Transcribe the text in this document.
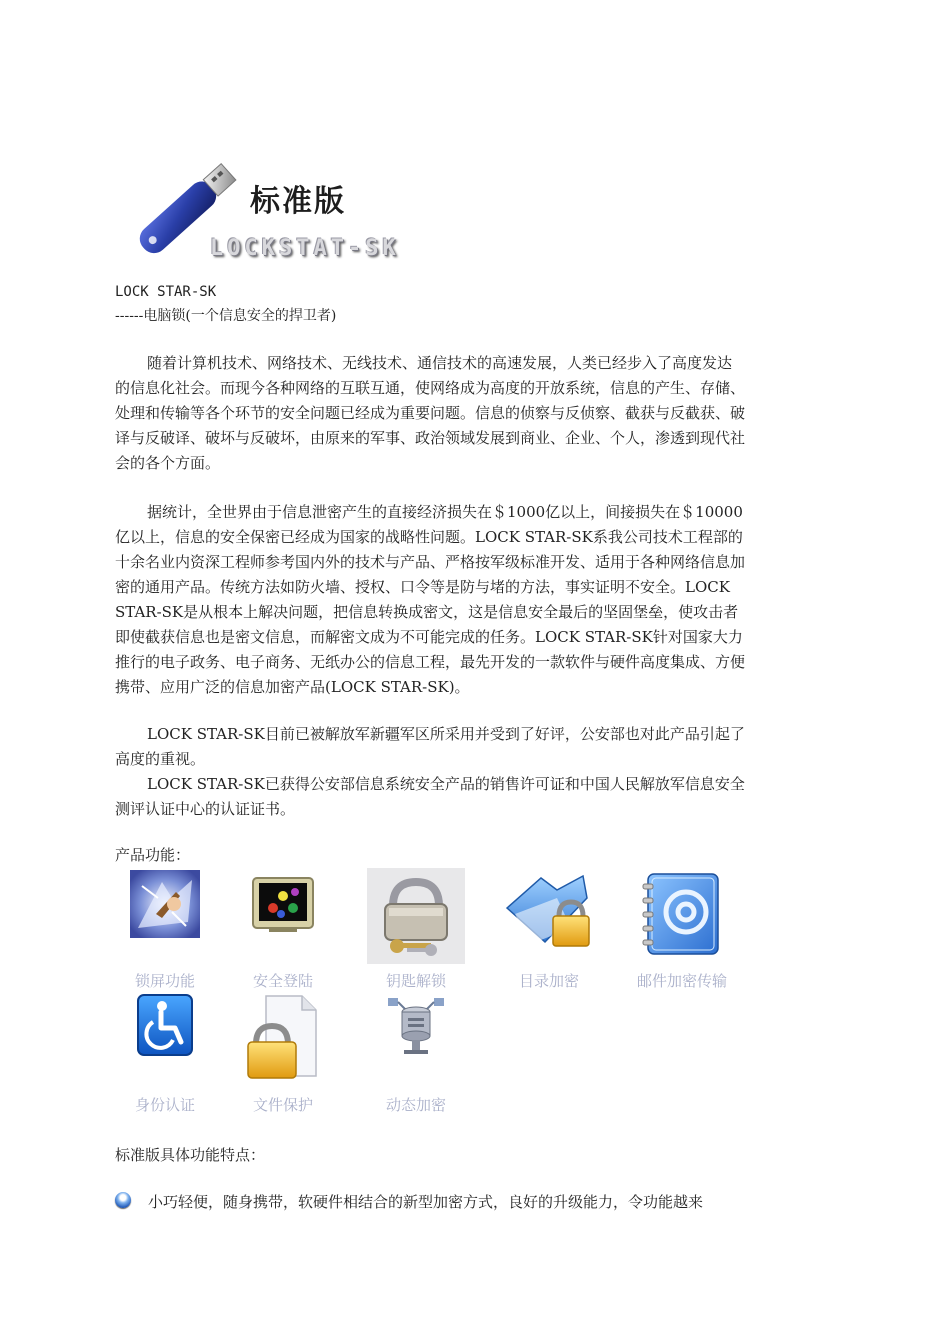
标准版
LOCKSTAT-SK
LOCK STAR-SK
------电脑锁(一个信息安全的捍卫者)

随着计算机技术、网络技术、无线技术、通信技术的高速发展，人类已经步入了高度发达的信息化社会。而现今各种网络的互联互通，使网络成为高度的开放系统，信息的产生、存储、处理和传输等各个环节的安全问题已经成为重要问题。信息的侦察与反侦察、截获与反截获、破译与反破译、破坏与反破坏，由原来的军事、政治领域发展到商业、企业、个人，渗透到现代社会的各个方面。

据统计，全世界由于信息泄密产生的直接经济损失在＄1000亿以上，间接损失在＄10000亿以上，信息的安全保密已经成为国家的战略性问题。LOCK STAR-SK系我公司技术工程部的十余名业内资深工程师参考国内外的技术与产品、严格按军级标准开发、适用于各种网络信息加密的通用产品。传统方法如防火墙、授权、口令等是防与堵的方法，事实证明不安全。LOCK STAR-SK是从根本上解决问题，把信息转换成密文，这是信息安全最后的坚固堡垒，使攻击者即使截获信息也是密文信息，而解密文成为不可能完成的任务。LOCK STAR-SK针对国家大力推行的电子政务、电子商务、无纸办公的信息工程，最先开发的一款软件与硬件高度集成、方便携带、应用广泛的信息加密产品(LOCK STAR-SK)。

LOCK STAR-SK目前已被解放军新疆军区所采用并受到了好评，公安部也对此产品引起了高度的重视。

LOCK STAR-SK已获得公安部信息系统安全产品的销售许可证和中国人民解放军信息安全测评认证中心的认证证书。

产品功能：
锁屏功能	安全登陆	钥匙解锁	目录加密	邮件加密传输
身份认证	文件保护	动态加密
标准版具体功能特点：
小巧轻便，随身携带，软硬件相结合的新型加密方式，良好的升级能力，令功能越来
